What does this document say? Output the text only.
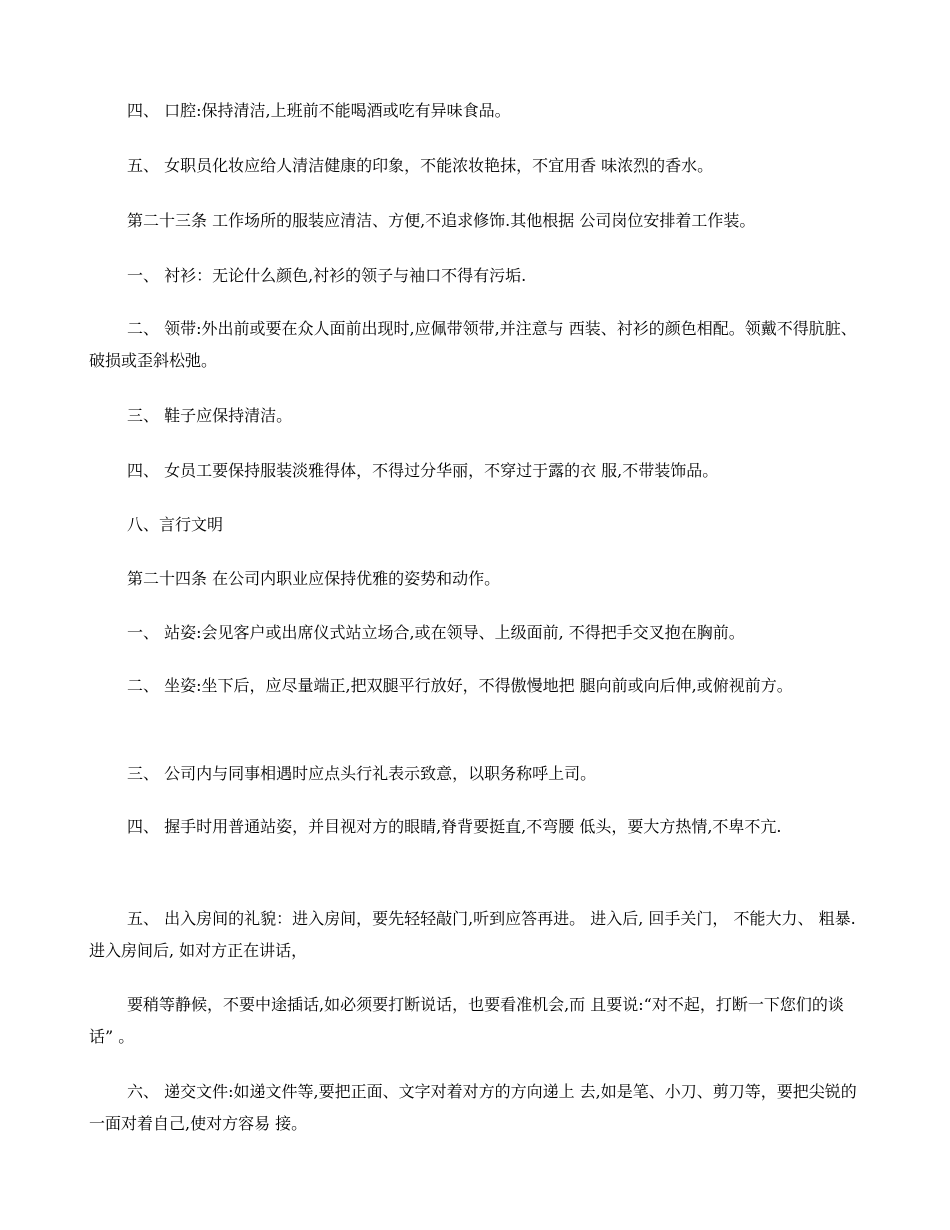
四、 口腔:保持清洁,上班前不能喝酒或吃有异味食品。

五、 女职员化妆应给人清洁健康的印象，不能浓妆艳抹，不宜用香 味浓烈的香水。

第二十三条 工作场所的服装应清洁、方便,不追求修饰.其他根据 公司岗位安排着工作装。

一、 衬衫：无论什么颜色,衬衫的领子与袖口不得有污垢.

二、 领带:外出前或要在众人面前出现时,应佩带领带,并注意与 西装、衬衫的颜色相配。领戴不得肮脏、破损或歪斜松弛。

三、 鞋子应保持清洁。

四、 女员工要保持服装淡雅得体，不得过分华丽，不穿过于露的衣 服,不带装饰品。

八、言行文明

第二十四条 在公司内职业应保持优雅的姿势和动作。

一、 站姿:会见客户或出席仪式站立场合,或在领导、上级面前, 不得把手交叉抱在胸前。

二、 坐姿:坐下后，应尽量端正,把双腿平行放好，不得傲慢地把 腿向前或向后伸,或俯视前方。

三、 公司内与同事相遇时应点头行礼表示致意，以职务称呼上司。

四、 握手时用普通站姿，并目视对方的眼睛,脊背要挺直,不弯腰 低头，要大方热情,不卑不亢.

五、 出入房间的礼貌：进入房间，要先轻轻敲门,听到应答再进。 进入后, 回手关门， 不能大力、 粗暴. 进入房间后, 如对方正在讲话，

要稍等静候，不要中途插话,如必须要打断说话，也要看准机会,而 且要说:“对不起，打断一下您们的谈话” 。

六、 递交文件:如递文件等,要把正面、文字对着对方的方向递上 去,如是笔、小刀、剪刀等，要把尖锐的一面对着自己,使对方容易 接。
